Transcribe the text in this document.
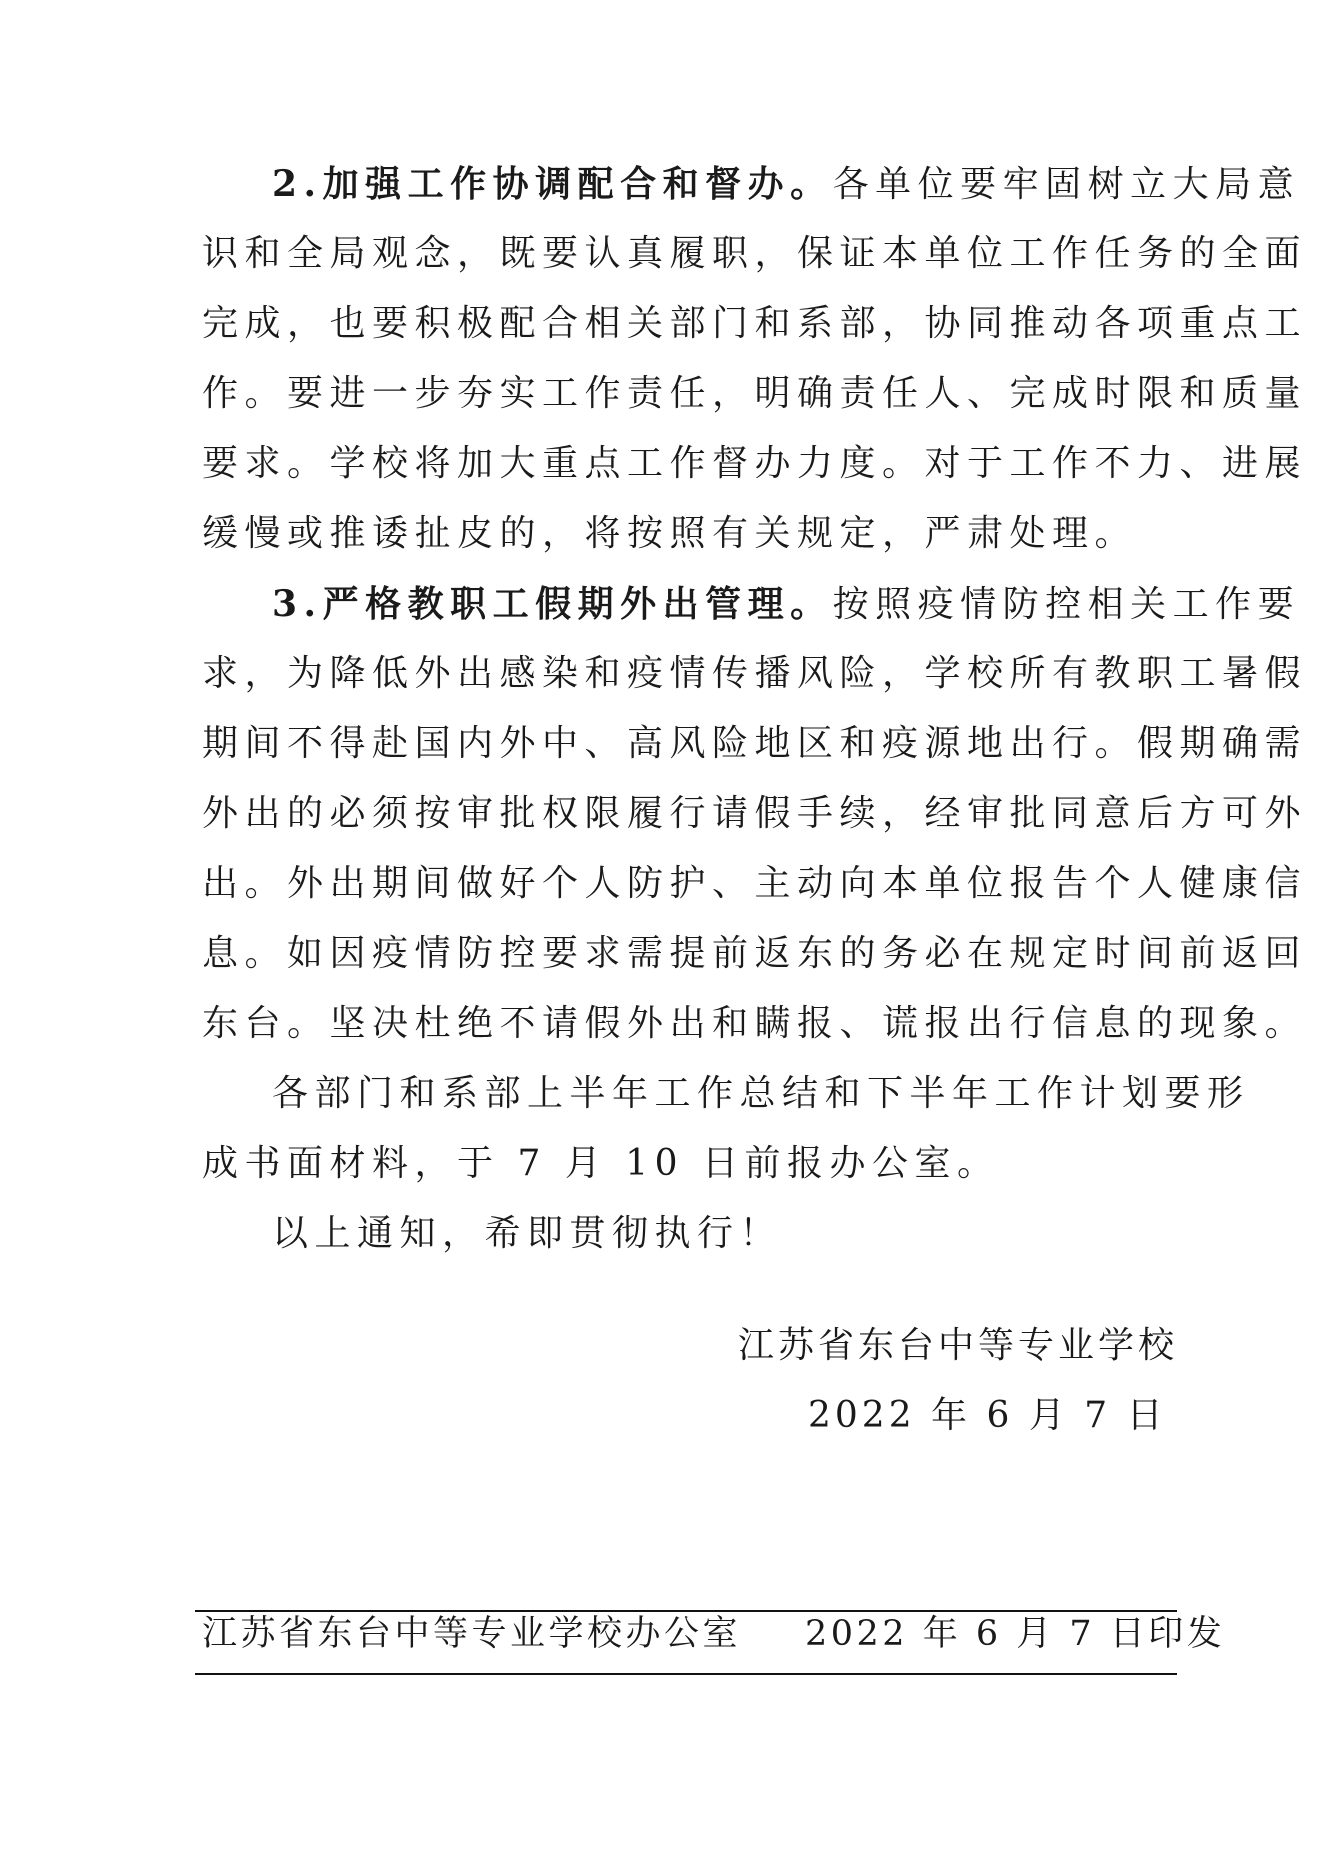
2.加强工作协调配合和督办。各单位要牢固树立大局意
识和全局观念，既要认真履职，保证本单位工作任务的全面
完成，也要积极配合相关部门和系部，协同推动各项重点工
作。要进一步夯实工作责任，明确责任人、完成时限和质量
要求。学校将加大重点工作督办力度。对于工作不力、进展
缓慢或推诿扯皮的，将按照有关规定，严肃处理。
3.严格教职工假期外出管理。按照疫情防控相关工作要
求，为降低外出感染和疫情传播风险，学校所有教职工暑假
期间不得赴国内外中、高风险地区和疫源地出行。假期确需
外出的必须按审批权限履行请假手续，经审批同意后方可外
出。外出期间做好个人防护、主动向本单位报告个人健康信
息。如因疫情防控要求需提前返东的务必在规定时间前返回
东台。坚决杜绝不请假外出和瞒报、谎报出行信息的现象。
各部门和系部上半年工作总结和下半年工作计划要形
成书面材料，于 7 月 10 日前报办公室。
以上通知，希即贯彻执行！
江苏省东台中等专业学校
2022 年 6 月 7 日
江苏省东台中等专业学校办公室 2022 年 6 月 7 日印发
